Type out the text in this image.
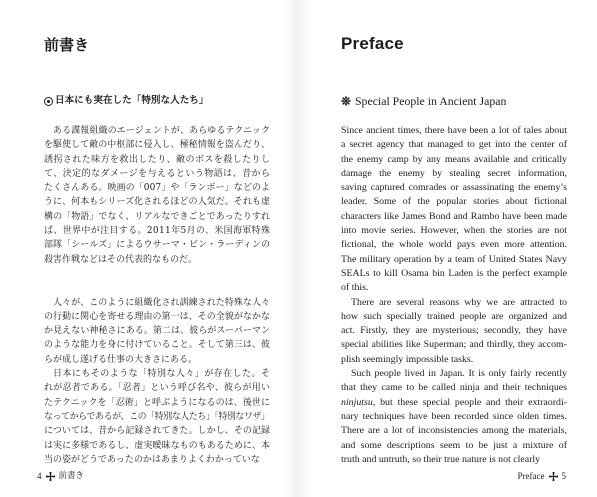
前書き
日本にも実在した「特別な人たち」
ある諜報組織のエージェントが、あらゆるテクニック
を駆使して敵の中枢部に侵入し、極秘情報を盗んだり、
誘拐された味方を救出したり、敵のボスを殺したりし
て、決定的なダメージを与えるという物語は、昔から
たくさんある。映画の「007」や「ランボー」などのよ
うに、何本もシリーズ化されるほどの人気だ。それも虚
構の「物語」でなく、リアルなできごとであったりすれ
ば、世界中が注目する。2011年5月の、米国海軍特殊
部隊「シールズ」によるウサーマ・ビン・ラーディンの
殺害作戦などはその代表的なものだ。
人々が、このように組織化され訓練された特殊な人々
の行動に関心を寄せる理由の第一は、その全貌がなかな
か見えない神秘さにある。第二は、彼らがスーパーマン
のような能力を身に付けていること。そして第三は、彼
らが成し遂げる仕事の大きさにある。
日本にもそのような「特別な人々」が存在した。そ
れが忍者である。「忍者」という呼び名や、彼らが用い
たテクニックを「忍術」と呼ぶようになるのは、後世に
なってからであるが、この「特別な人たち」「特別なワザ」
については、昔から記録されてきた。しかし、その記録
は実に多様であるし、虚実曖昧なものもあるために、本
当の姿がどうであったのかはあまりよくわかっていな
4 前書き
Preface
Special People in Ancient Japan
Since ancient times, there have been a lot of tales about
a secret agency that managed to get into the center of
the enemy camp by any means available and critically
damage the enemy by stealing secret information,
saving captured comrades or assassinating the enemy’s
leader. Some of the popular stories about fictional
characters like James Bond and Rambo have been made
into movie series. However, when the stories are not
fictional, the whole world pays even more attention.
The military operation by a team of United States Navy
SEALs to kill Osama bin Laden is the perfect example
of this.
There are several reasons why we are attracted to
how such specially trained people are organized and
act. Firstly, they are mysterious; secondly, they have
special abilities like Superman; and thirdly, they accom-
plish seemingly impossible tasks.
Such people lived in Japan. It is only fairly recently
that they came to be called ninja and their techniques
ninjutsu, but these special people and their extraordi-
nary techniques have been recorded since olden times.
There are a lot of inconsistencies among the materials,
and some descriptions seem to be just a mixture of
truth and untruth, so their true nature is not clearly
Preface 5
